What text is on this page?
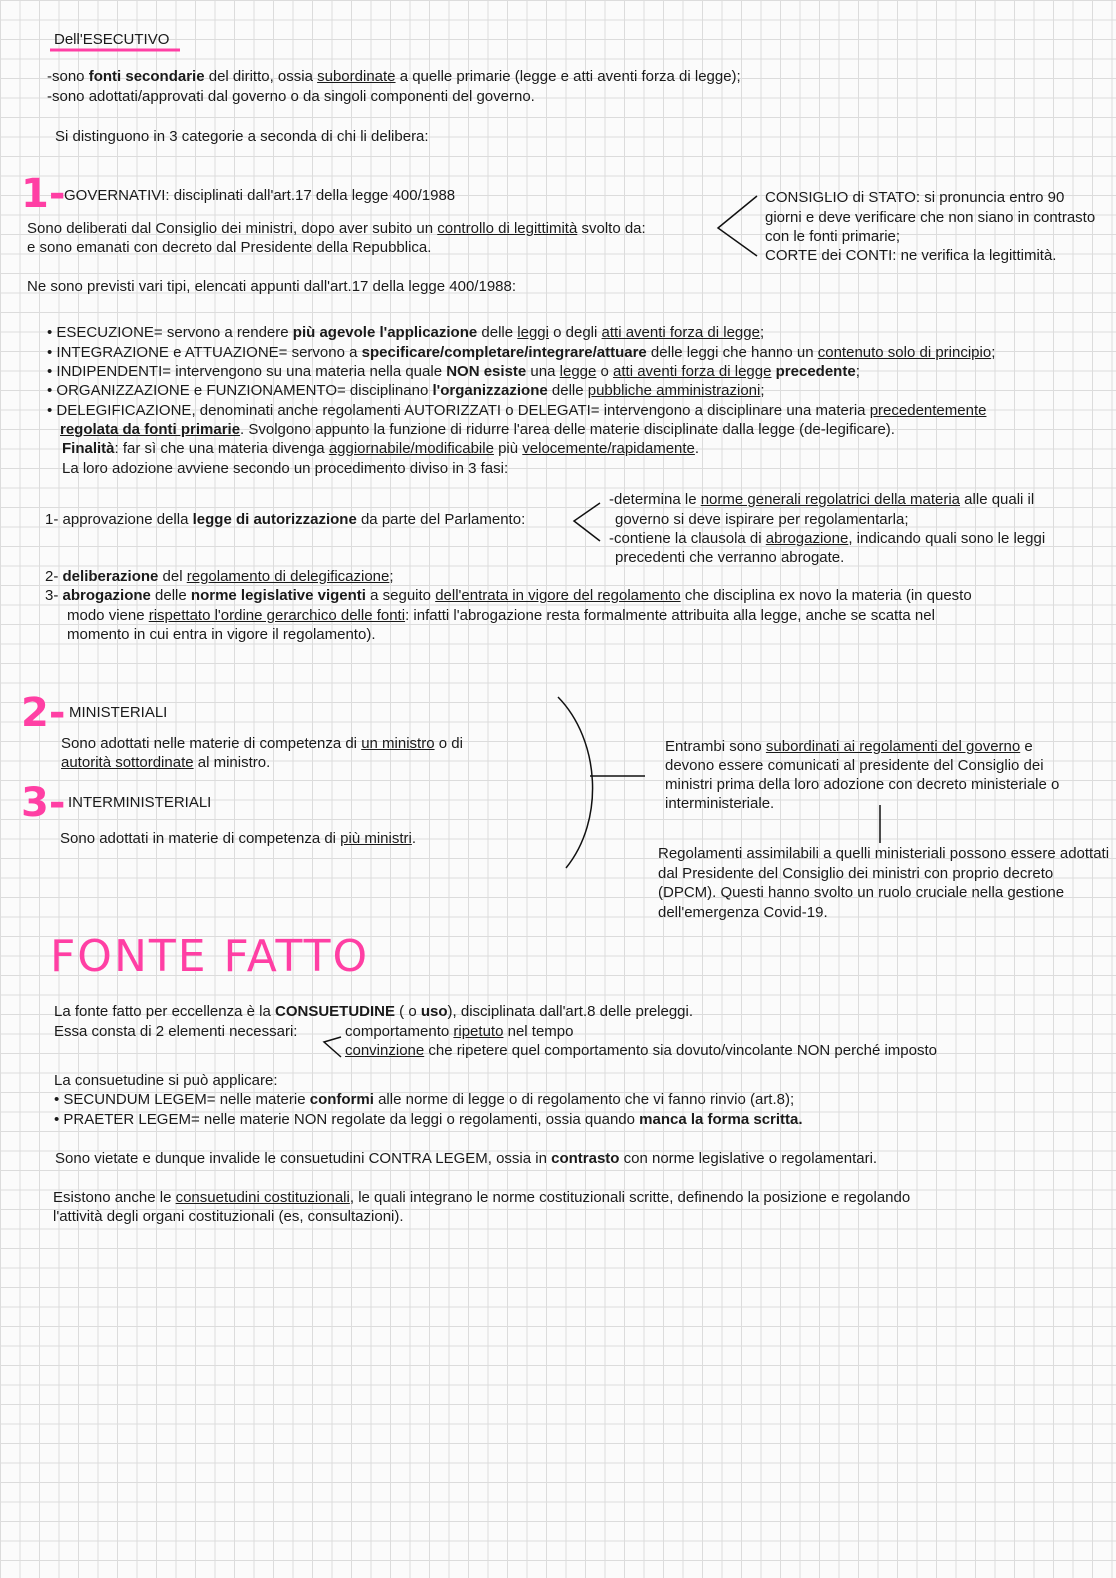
Dell'ESECUTIVO
-sono fonti secondarie del diritto, ossia subordinate a quelle primarie (legge e atti aventi forza di legge);
-sono adottati/approvati dal governo o da singoli componenti del governo.
Si distinguono in 3 categorie a seconda di chi li delibera:
1-
GOVERNATIVI: disciplinati dall'art.17 della legge 400/1988
Sono deliberati dal Consiglio dei ministri, dopo aver subito un controllo di legittimità svolto da:
e sono emanati con decreto dal Presidente della Repubblica.
CONSIGLIO di STATO: si pronuncia entro 90 giorni e deve verificare che non siano in contrasto con le fonti primarie;
CORTE dei CONTI: ne verifica la legittimità.
Ne sono previsti vari tipi, elencati appunti dall'art.17 della legge 400/1988:
• ESECUZIONE= servono a rendere più agevole l'applicazione delle leggi o degli atti aventi forza di legge;
• INTEGRAZIONE e ATTUAZIONE= servono a specificare/completare/integrare/attuare delle leggi che hanno un contenuto solo di principio;
• INDIPENDENTI= intervengono su una materia nella quale NON esiste una legge o atti aventi forza di legge precedente;
• ORGANIZZAZIONE e FUNZIONAMENTO= disciplinano l'organizzazione delle pubbliche amministrazioni;
• DELEGIFICAZIONE, denominati anche regolamenti AUTORIZZATI o DELEGATI= intervengono a disciplinare una materia precedentemente
regolata da fonti primarie. Svolgono appunto la funzione di ridurre l'area delle materie disciplinate dalla legge (de-legificare).
Finalità: far sì che una materia divenga aggiornabile/modificabile più velocemente/rapidamente.
La loro adozione avviene secondo un procedimento diviso in 3 fasi:
1- approvazione della legge di autorizzazione da parte del Parlamento:
-determina le norme generali regolatrici della materia alle quali il
governo si deve ispirare per regolamentarla;
-contiene la clausola di abrogazione, indicando quali sono le leggi
precedenti che verranno abrogate.
2- deliberazione del regolamento di delegificazione;
3- abrogazione delle norme legislative vigenti a seguito dell'entrata in vigore del regolamento che disciplina ex novo la materia (in questo
modo viene rispettato l'ordine gerarchico delle fonti: infatti l'abrogazione resta formalmente attribuita alla legge, anche se scatta nel
momento in cui entra in vigore il regolamento).
2- MINISTERIALI
Sono adottati nelle materie di competenza di un ministro o di
autorità sottordinate al ministro.
3- INTERMINISTERIALI
Sono adottati in materie di competenza di più ministri.
Entrambi sono subordinati ai regolamenti del governo e
devono essere comunicati al presidente del Consiglio dei
ministri prima della loro adozione con decreto ministeriale o
interministeriale.
Regolamenti assimilabili a quelli ministeriali possono essere adottati dal Presidente del Consiglio dei ministri con proprio decreto (DPCM). Questi hanno svolto un ruolo cruciale nella gestione dell'emergenza Covid-19.
FONTE FATTO
La fonte fatto per eccellenza è la CONSUETUDINE ( o uso), disciplinata dall'art.8 delle preleggi.
Essa consta di 2 elementi necessari:	comportamento ripetuto nel tempo
convinzione che ripetere quel comportamento sia dovuto/vincolante NON perché imposto
La consuetudine si può applicare:
• SECUNDUM LEGEM= nelle materie conformi alle norme di legge o di regolamento che vi fanno rinvio (art.8);
• PRAETER LEGEM= nelle materie NON regolate da leggi o regolamenti, ossia quando manca la forma scritta.
Sono vietate e dunque invalide le consuetudini CONTRA LEGEM, ossia in contrasto con norme legislative o regolamentari.
Esistono anche le consuetudini costituzionali, le quali integrano le norme costituzionali scritte, definendo la posizione e regolando
l'attività degli organi costituzionali (es, consultazioni).
